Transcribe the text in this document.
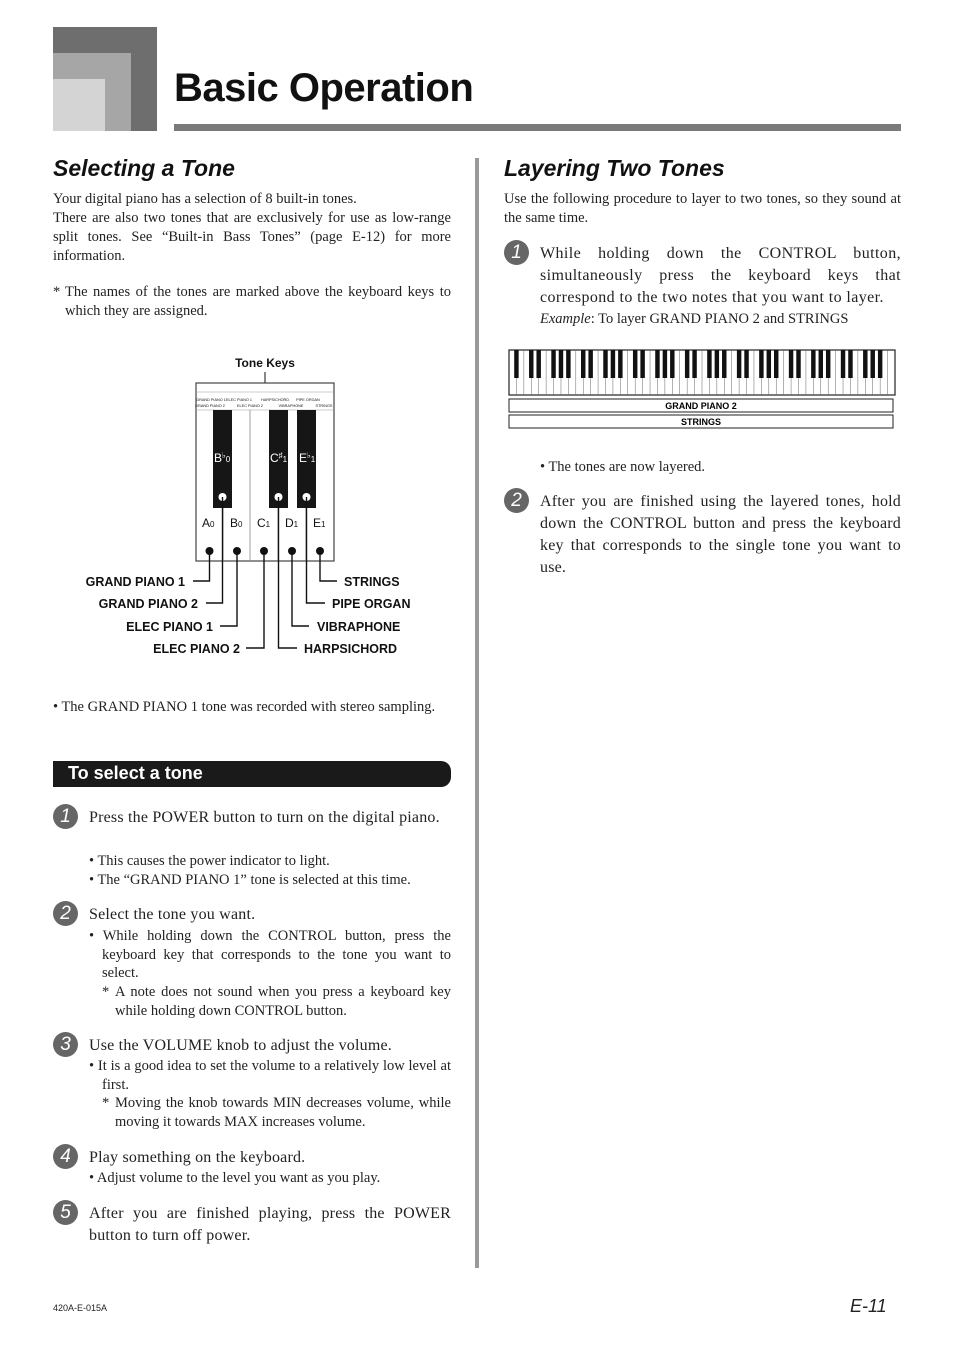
Basic Operation
Selecting a Tone
Your digital piano has a selection of 8 built-in tones.
There are also two tones that are exclusively for use as low-range split tones. See “Built-in Bass Tones” (page E-12) for more information.
* The names of the tones are marked above the keyboard keys to which they are assigned.
Tone Keys
GRAND PIANO 1 ELEC PIANO 1 HARPSICHORD PIPE ORGAN
GRAND PIANO 2	ELEC PIANO 2	VIBRAPHONE	STRINGS
$B^♭_0$	$C^♯_1$ $E^♭_1$
A0 B0 C1 D1 E1
GRAND PIANO 1
GRAND PIANO 2
ELEC PIANO 1
ELEC PIANO 2
STRINGS
PIPE ORGAN
VIBRAPHONE
HARPSICHORD
• The GRAND PIANO 1 tone was recorded with stereo sampling.
To select a tone
1	Press the POWER button to turn on the digital piano.
• This causes the power indicator to light.
• The “GRAND PIANO 1” tone is selected at this time.
2	Select the tone you want.
• While holding down the CONTROL button, press the keyboard key that corresponds to the tone you want to select.
* A note does not sound when you press a keyboard key while holding down CONTROL button.
3	Use the VOLUME knob to adjust the volume.
• It is a good idea to set the volume to a relatively low level at first.
* Moving the knob towards MIN decreases volume, while moving it towards MAX increases volume.
4	Play something on the keyboard.
• Adjust volume to the level you want as you play.
5	After you are finished playing, press the POWER button to turn off power.
Layering Two Tones
Use the following procedure to layer to two tones, so they sound at the same time.
1	While holding down the CONTROL button, simultaneously press the keyboard keys that correspond to the two notes that you want to layer.
Example: To layer GRAND PIANO 2 and STRINGS
GRAND PIANO 2
STRINGS
• The tones are now layered.
2	After you are finished using the layered tones, hold down the CONTROL button and press the keyboard key that corresponds to the single tone you want to use.
420A-E-015A	E-11
